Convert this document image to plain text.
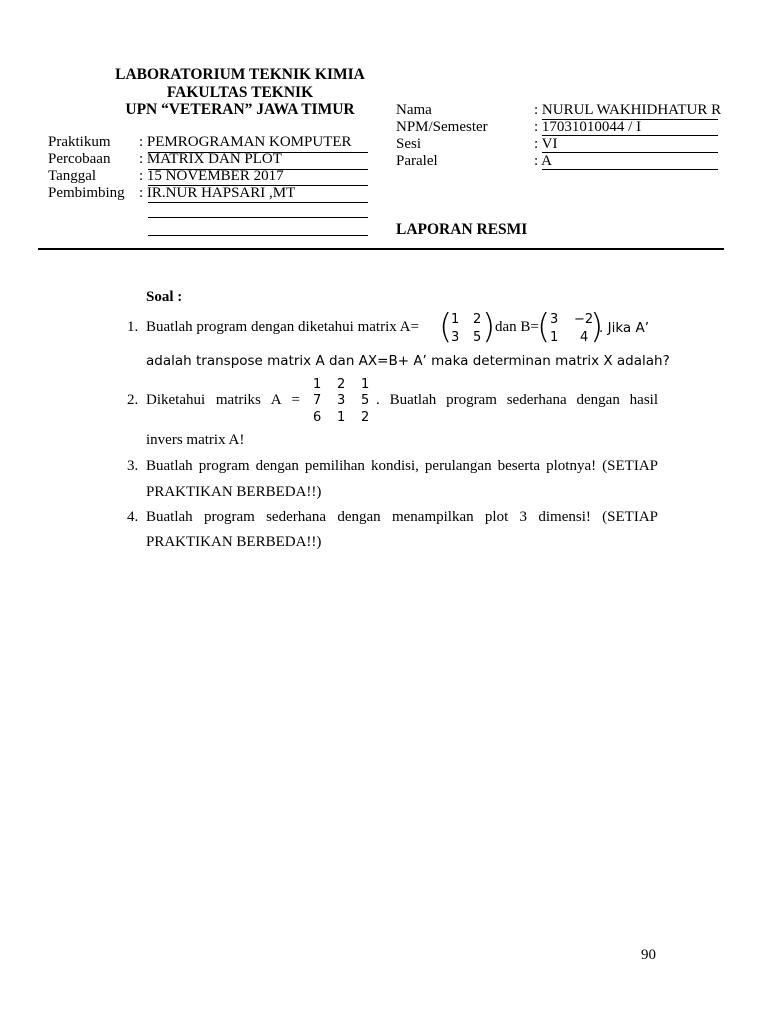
LABORATORIUM TEKNIK KIMIA
FAKULTAS TEKNIK
UPN “VETERAN” JAWA TIMUR
Praktikum : PEMROGRAMAN KOMPUTER
Percobaan : MATRIX DAN PLOT
Tanggal	: 15 NOVEMBER 2017
Pembimbing : IR.NUR HAPSARI ,MT
Nama	: NURUL WAKHIDHATUR R
NPM/Semester	: 17031010044 / I
Sesi	: VI
Paralel	: A
LAPORAN RESMI
Soal :
1. Buatlah program dengan diketahui matrix A= (
1 2
3 5 ) dan B=
( 3 −2
1 4 )
. Jika A’
adalah transpose matrix A dan AX=B+ A’ maka determinan matrix X adalah?
2. Diketahui matriks A =
1 2 1
7 3 5
6 1 2
. Buatlah program sederhana dengan hasil
invers matrix A!
3. Buatlah program dengan pemilihan kondisi, perulangan beserta plotnya! (SETIAP
PRAKTIKAN BERBEDA!!)
4. Buatlah program sederhana dengan menampilkan plot 3 dimensi! (SETIAP
PRAKTIKAN BERBEDA!!)
90
